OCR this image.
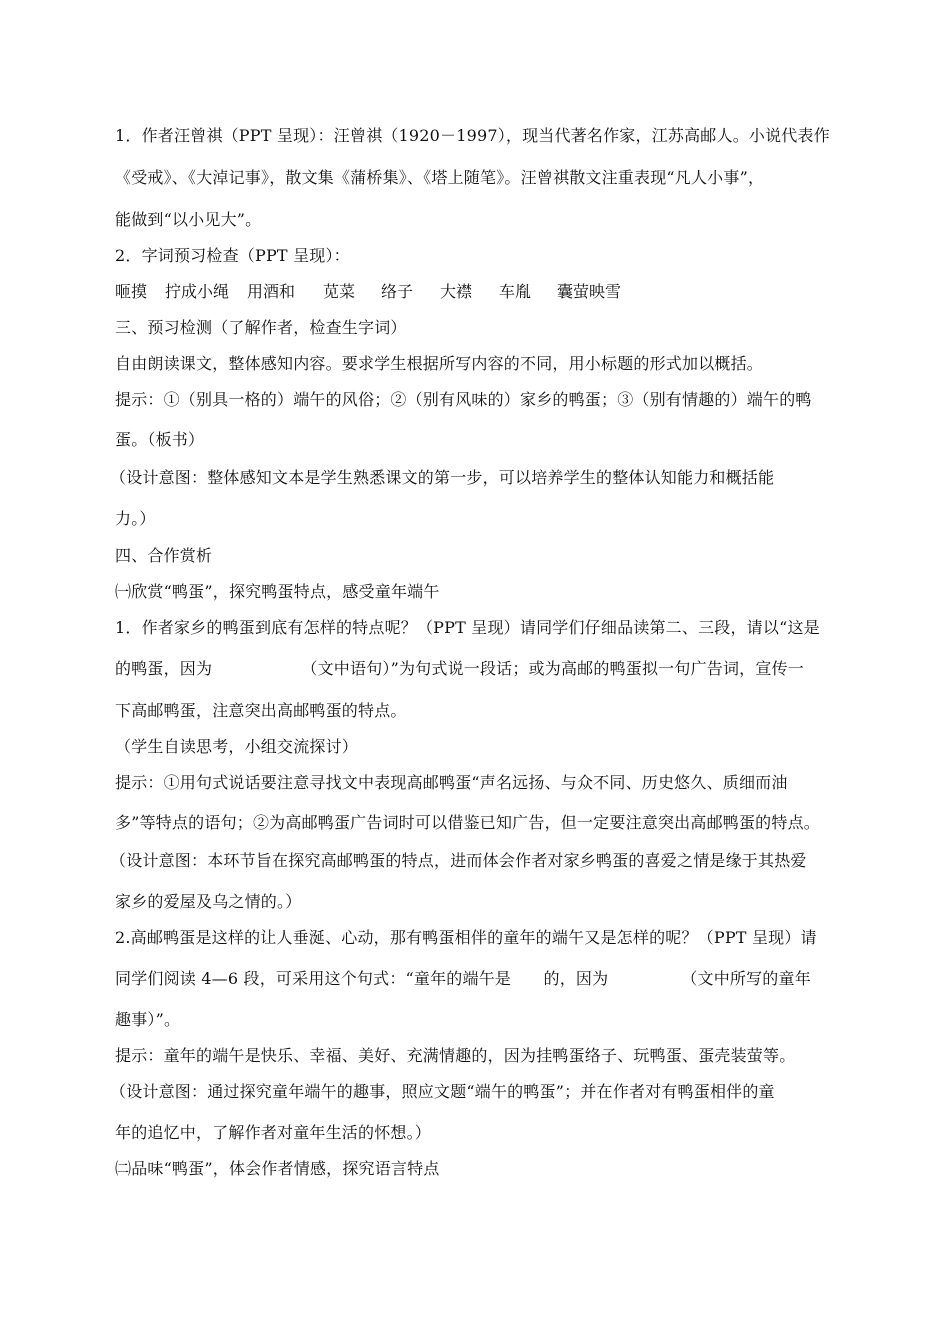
1．作者汪曾祺（PPT 呈现）：汪曾祺（1920－1997），现当代著名作家，江苏高邮人。小说代表作

《受戒》、《大淖记事》，散文集《蒲桥集》、《塔上随笔》。汪曾祺散文注重表现“凡人小事”，

能做到“以小见大”。

2．字词预习检查（PPT 呈现）：

咂摸 拧成小绳 用酒和 苋菜 络子 大襟 车胤 囊萤映雪

三、预习检测（了解作者，检查生字词）

自由朗读课文，整体感知内容。要求学生根据所写内容的不同，用小标题的形式加以概括。

提示：①（别具一格的）端午的风俗；②（别有风味的）家乡的鸭蛋；③（别有情趣的）端午的鸭

蛋。（板书）

（设计意图：整体感知文本是学生熟悉课文的第一步，可以培养学生的整体认知能力和概括能

力。）

四、合作赏析

㈠欣赏“鸭蛋”，探究鸭蛋特点，感受童年端午

1．作者家乡的鸭蛋到底有怎样的特点呢？（PPT 呈现）请同学们仔细品读第二、三段，请以“这是

的鸭蛋，因为　　　　　　（文中语句）”为句式说一段话；或为高邮的鸭蛋拟一句广告词，宣传一

下高邮鸭蛋，注意突出高邮鸭蛋的特点。

（学生自读思考，小组交流探讨）

提示：①用句式说话要注意寻找文中表现高邮鸭蛋“声名远扬、与众不同、历史悠久、质细而油

多”等特点的语句；②为高邮鸭蛋广告词时可以借鉴已知广告，但一定要注意突出高邮鸭蛋的特点。

（设计意图：本环节旨在探究高邮鸭蛋的特点，进而体会作者对家乡鸭蛋的喜爱之情是缘于其热爱

家乡的爱屋及乌之情的。）

2.高邮鸭蛋是这样的让人垂涎、心动，那有鸭蛋相伴的童年的端午又是怎样的呢？（PPT 呈现）请

同学们阅读 4—6 段，可采用这个句式：“童年的端午是　　的，因为　　　　　（文中所写的童年

趣事）”。

提示：童年的端午是快乐、幸福、美好、充满情趣的，因为挂鸭蛋络子、玩鸭蛋、蛋壳装萤等。

（设计意图：通过探究童年端午的趣事，照应文题“端午的鸭蛋”；并在作者对有鸭蛋相伴的童

年的追忆中，了解作者对童年生活的怀想。）

㈡品味“鸭蛋”，体会作者情感，探究语言特点
